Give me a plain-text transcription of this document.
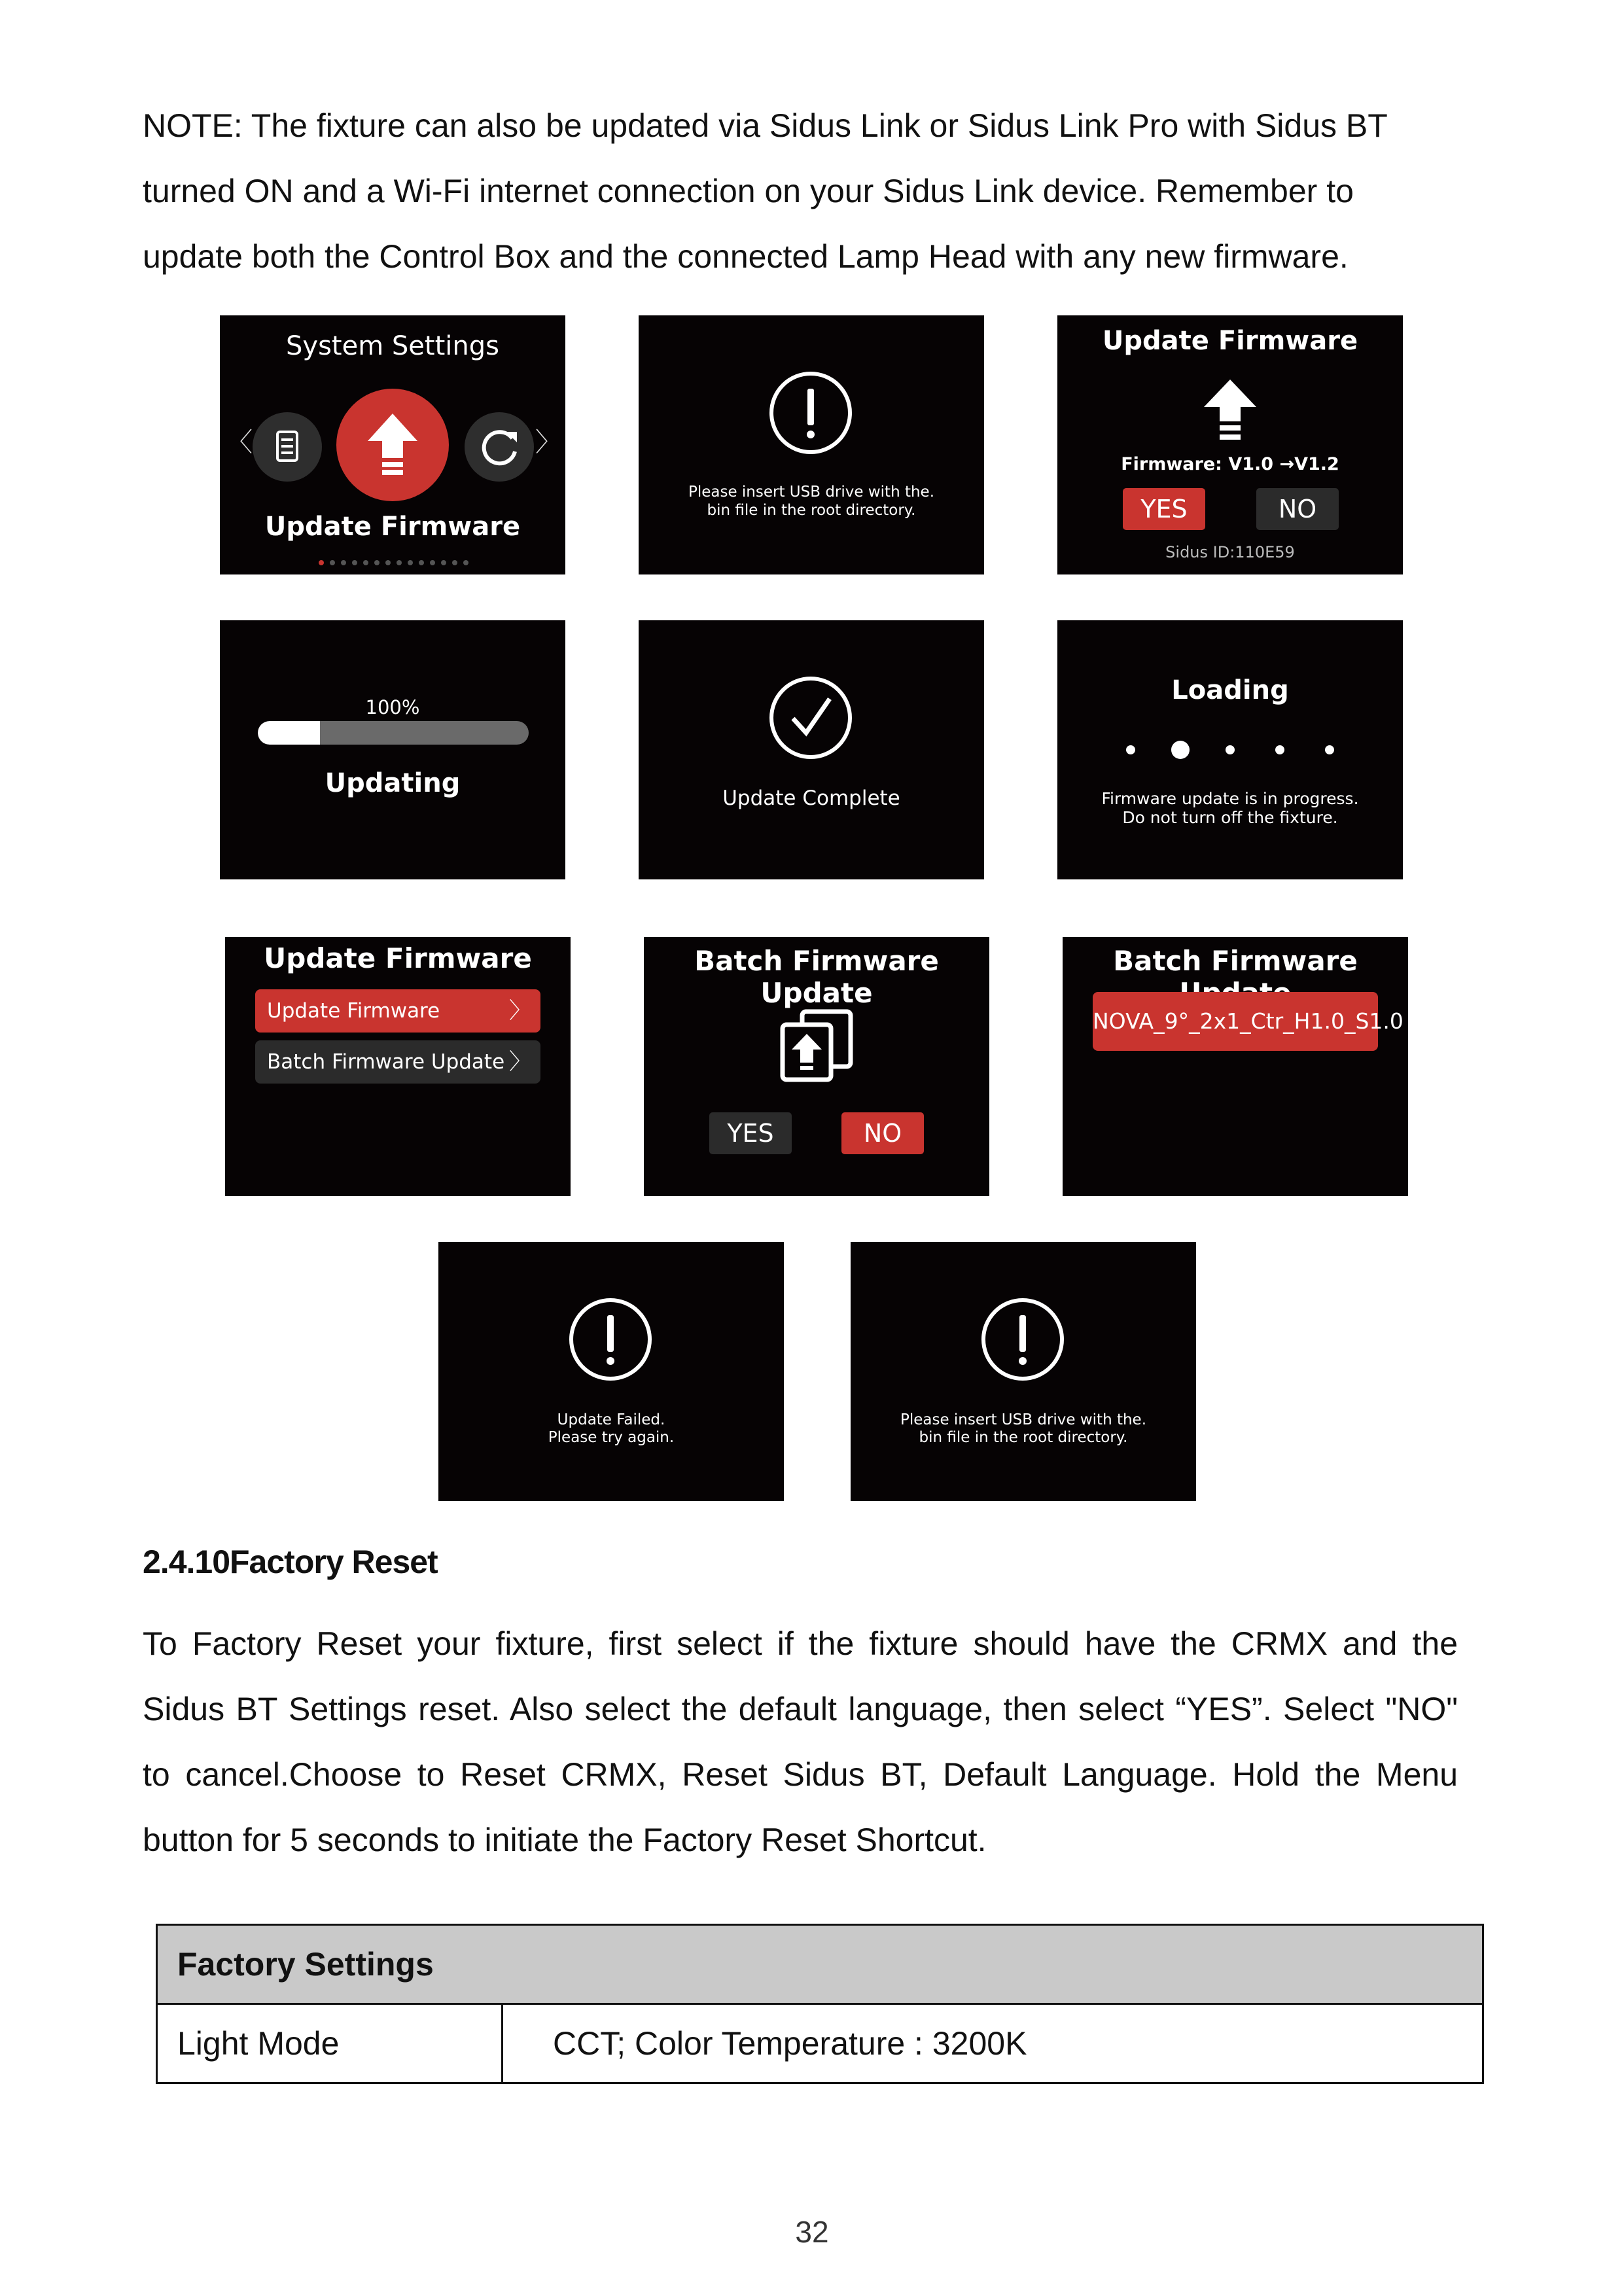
NOTE: The fixture can also be updated via Sidus Link or Sidus Link Pro with Sidus BT

turned ON and a Wi-Fi internet connection on your Sidus Link device. Remember to

update both the Control Box and the connected Lamp Head with any new firmware.

System Settings
〈	〉
Update Firmware
Please insert USB drive with the.
bin file in the root directory.
Update Firmware
Firmware: V1.0 →V1.2
YES	NO
Sidus ID:110E59
100%
Updating	Update Complete
Loading
Firmware update is in progress.
Do not turn off the fixture.
Update Firmware
Update Firmware	〉
Batch Firmware Update 〉
Batch Firmware Update
YES	NO
Batch Firmware
NOVA_9°_2x1_Ctr_H1.0_S1.0
Update Failed.
Please try again.
Please insert USB drive with the.
bin file in the root directory.
2.4.10Factory Reset

To Factory Reset your fixture, first select if the fixture should have the CRMX and the

Sidus BT Settings reset. Also select the default language, then select “YES”. Select "NO"

to cancel.Choose to Reset CRMX, Reset Sidus BT, Default Language. Hold the Menu

button for 5 seconds to initiate the Factory Reset Shortcut.

Factory Settings
Light Mode	CCT; Color Temperature : 3200K
32
